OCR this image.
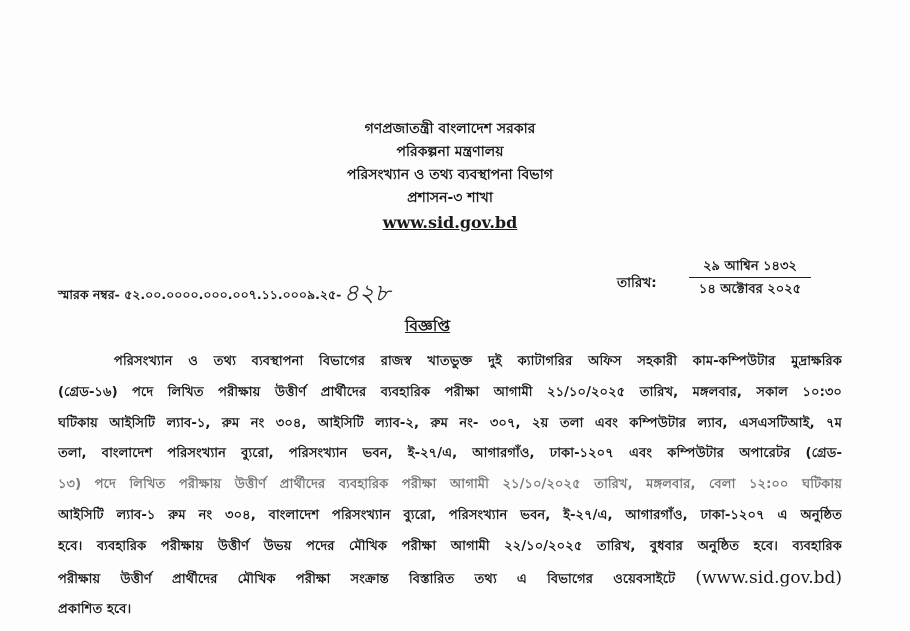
গণপ্রজাতন্ত্রী বাংলাদেশ সরকার
পরিকল্পনা মন্ত্রণালয়
পরিসংখ্যান ও তথ্য ব্যবস্থাপনা বিভাগ
প্রশাসন-৩ শাখা
www.sid.gov.bd
স্মারক নম্বর- ৫২.০০.০০০০.০০০.০০৭.১১.০০০৯.২৫-৪২৮	তারিখ:
২৯ আশ্বিন ১৪৩২
১৪ অক্টোবর ২০২৫
বিজ্ঞপ্তি
পরিসংখ্যান ও তথ্য ব্যবস্থাপনা বিভাগের রাজস্ব খাতভুক্ত দুই ক্যাটাগরির অফিস সহকারী কাম-কম্পিউটার মুদ্রাক্ষরিক
(গ্রেড-১৬) পদে লিখিত পরীক্ষায় উত্তীর্ণ প্রার্থীদের ব্যবহারিক পরীক্ষা আগামী ২১/১০/২০২৫ তারিখ, মঙ্গলবার, সকাল ১০:৩০
ঘটিকায় আইসিটি ল্যাব-১, রুম নং ৩০৪, আইসিটি ল্যাব-২, রুম নং- ৩০৭, ২য় তলা এবং কম্পিউটার ল্যাব, এসএসটিআই, ৭ম
তলা, বাংলাদেশ পরিসংখ্যান ব্যুরো, পরিসংখ্যান ভবন, ই-২৭/এ, আগারগাঁও, ঢাকা-১২০৭ এবং কম্পিউটার অপারেটর (গ্রেড-
১৩) পদে লিখিত পরীক্ষায় উত্তীর্ণ প্রার্থীদের ব্যবহারিক পরীক্ষা আগামী ২১/১০/২০২৫ তারিখ, মঙ্গলবার, বেলা ১২:০০ ঘটিকায়
আইসিটি ল্যাব-১ রুম নং ৩০৪, বাংলাদেশ পরিসংখ্যান ব্যুরো, পরিসংখ্যান ভবন, ই-২৭/এ, আগারগাঁও, ঢাকা-১২০৭ এ অনুষ্ঠিত
হবে। ব্যবহারিক পরীক্ষায় উত্তীর্ণ উভয় পদের মৌখিক পরীক্ষা আগামী ২২/১০/২০২৫ তারিখ, বুধবার অনুষ্ঠিত হবে। ব্যবহারিক
পরীক্ষায় উত্তীর্ণ প্রার্থীদের মৌখিক পরীক্ষা সংক্রান্ত বিস্তারিত তথ্য এ বিভাগের ওয়েবসাইটে (www.sid.gov.bd)
প্রকাশিত হবে।
